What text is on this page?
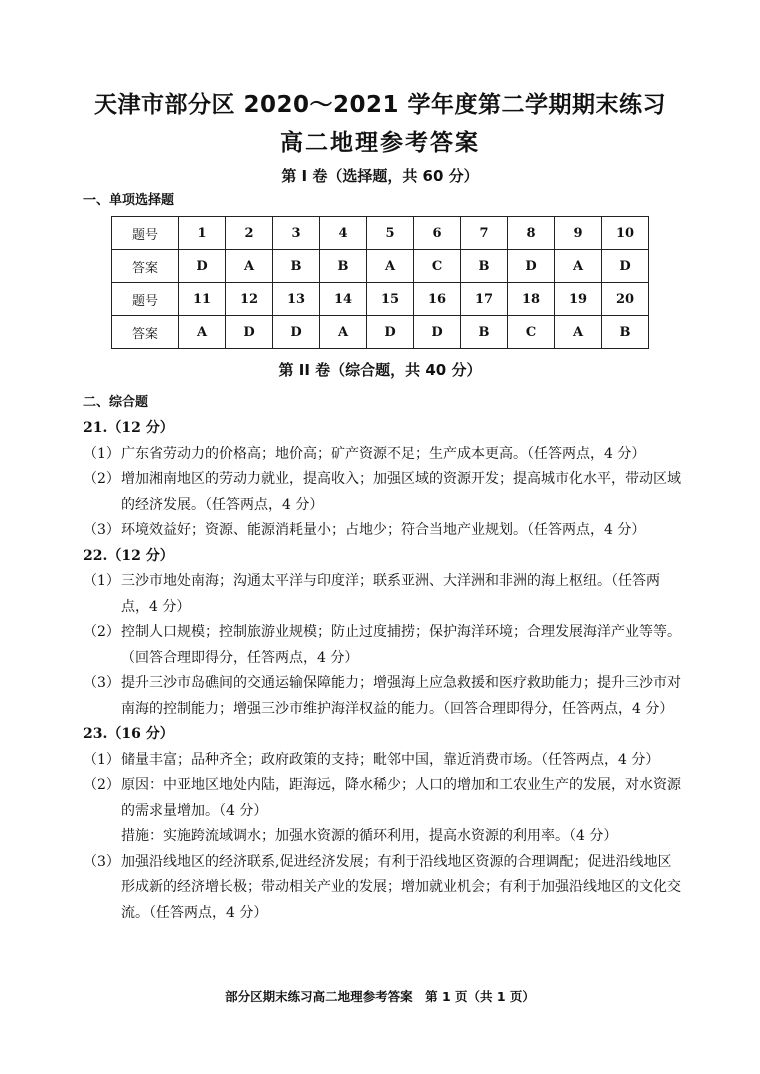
天津市部分区 2020～2021 学年度第二学期期末练习
高二地理参考答案
第 I 卷（选择题，共 60 分）
一、单项选择题
题号	1	2	3	4	5	6	7	8	9	10
答案	D	A	B	B	A	C	B	D	A	D
题号	11	12	13	14	15	16	17	18	19	20
答案	A	D	D	A	D	D	B	C	A	B
第 II 卷（综合题，共 40 分）
二、综合题
21.（12 分）
（1） 广东省劳动力的价格高；地价高；矿产资源不足；生产成本更高。（任答两点，4 分）
（2） 增加湘南地区的劳动力就业，提高收入；加强区域的资源开发；提高城市化水平，带动区域的经济发展。（任答两点，4 分）
（3） 环境效益好；资源、能源消耗量小；占地少；符合当地产业规划。（任答两点，4 分）
22.（12 分）
（1） 三沙市地处南海；沟通太平洋与印度洋；联系亚洲、大洋洲和非洲的海上枢纽。（任答两点，4 分）
（2） 控制人口规模；控制旅游业规模；防止过度捕捞；保护海洋环境；合理发展海洋产业等等。（回答合理即得分，任答两点，4 分）
（3） 提升三沙市岛礁间的交通运输保障能力；增强海上应急救援和医疗救助能力；提升三沙市对南海的控制能力；增强三沙市维护海洋权益的能力。（回答合理即得分，任答两点，4 分）
23.（16 分）
（1） 储量丰富；品种齐全；政府政策的支持；毗邻中国，靠近消费市场。（任答两点，4 分）
（2） 原因：中亚地区地处内陆，距海远，降水稀少；人口的增加和工农业生产的发展，对水资源的需求量增加。（4 分）
措施：实施跨流域调水；加强水资源的循环利用，提高水资源的利用率。（4 分）
（3） 加强沿线地区的经济联系,促进经济发展；有利于沿线地区资源的合理调配；促进沿线地区形成新的经济增长极；带动相关产业的发展；增加就业机会；有利于加强沿线地区的文化交流。（任答两点，4 分）
部分区期末练习高二地理参考答案　第 1 页（共 1 页）
